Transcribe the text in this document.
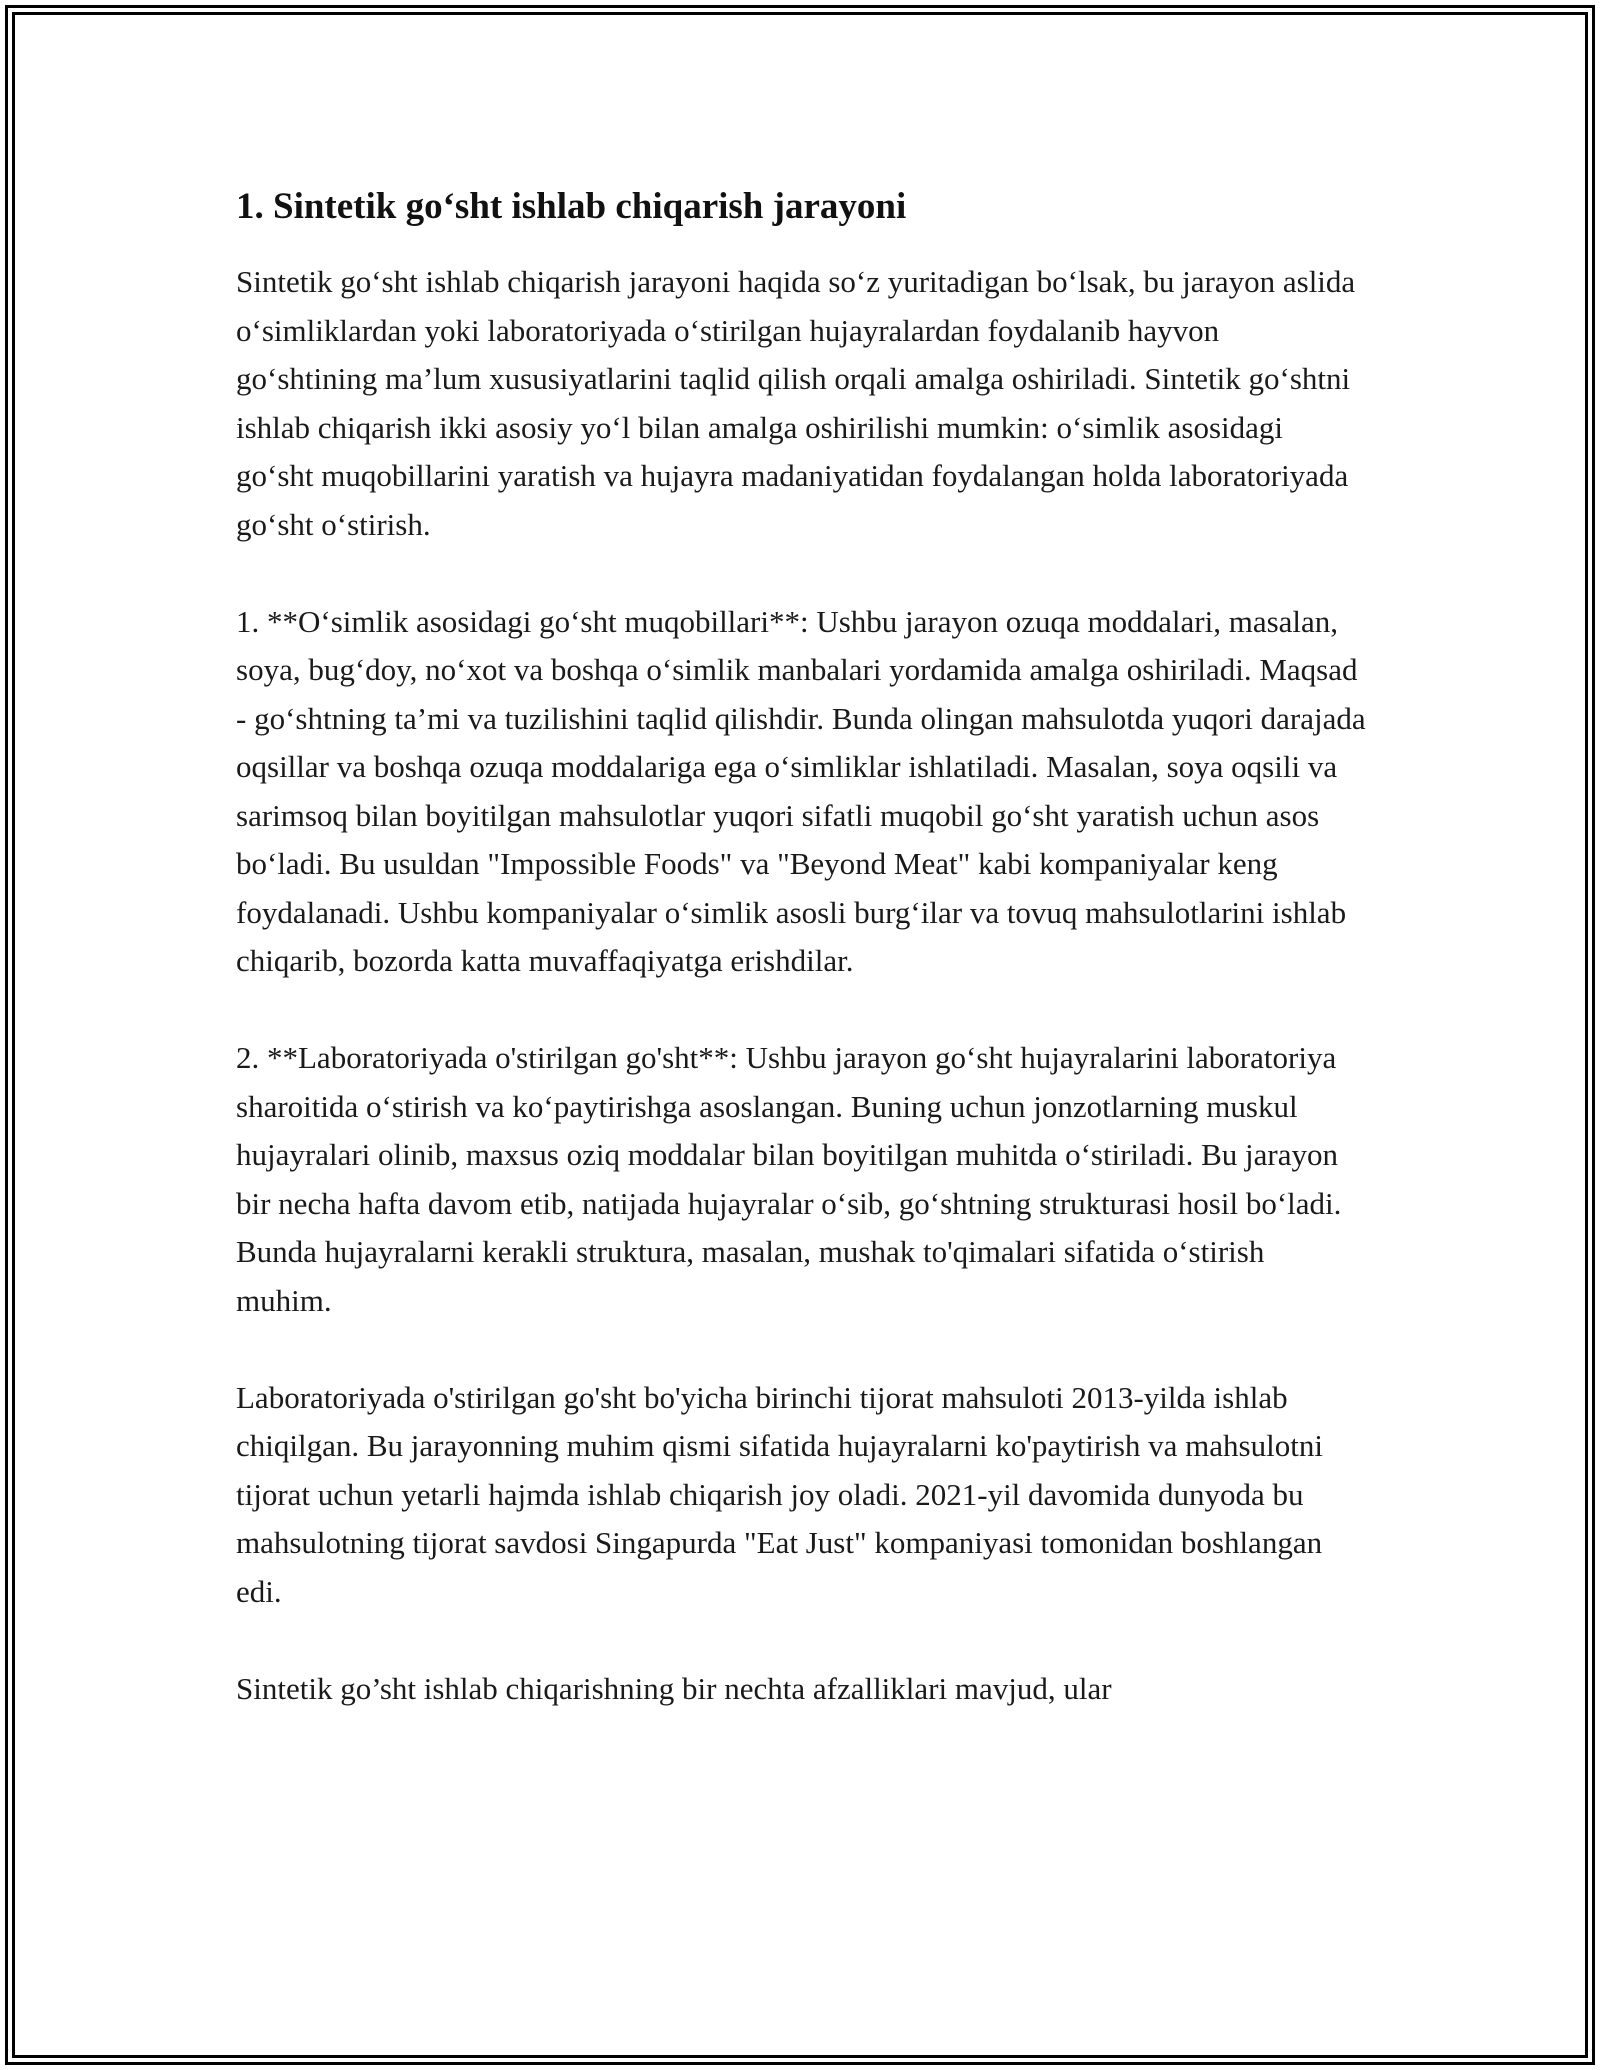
1. Sintetik go‘sht ishlab chiqarish jarayoni

Sintetik go‘sht ishlab chiqarish jarayoni haqida so‘z yuritadigan bo‘lsak, bu jarayon aslida o‘simliklardan yoki laboratoriyada o‘stirilgan hujayralardan foydalanib hayvon go‘shtining ma’lum xususiyatlarini taqlid qilish orqali amalga oshiriladi. Sintetik go‘shtni ishlab chiqarish ikki asosiy yo‘l bilan amalga oshirilishi mumkin: o‘simlik asosidagi go‘sht muqobillarini yaratish va hujayra madaniyatidan foydalangan holda laboratoriyada go‘sht o‘stirish.

1. **O‘simlik asosidagi go‘sht muqobillari**: Ushbu jarayon ozuqa moddalari, masalan, soya, bug‘doy, no‘xot va boshqa o‘simlik manbalari yordamida amalga oshiriladi. Maqsad - go‘shtning ta’mi va tuzilishini taqlid qilishdir. Bunda olingan mahsulotda yuqori darajada oqsillar va boshqa ozuqa moddalariga ega o‘simliklar ishlatiladi. Masalan, soya oqsili va sarimsoq bilan boyitilgan mahsulotlar yuqori sifatli muqobil go‘sht yaratish uchun asos bo‘ladi. Bu usuldan "Impossible Foods" va "Beyond Meat" kabi kompaniyalar keng foydalanadi. Ushbu kompaniyalar o‘simlik asosli burg‘ilar va tovuq mahsulotlarini ishlab chiqarib, bozorda katta muvaffaqiyatga erishdilar.

2. **Laboratoriyada o'stirilgan go'sht**: Ushbu jarayon go‘sht hujayralarini laboratoriya sharoitida o‘stirish va ko‘paytirishga asoslangan. Buning uchun jonzotlarning muskul hujayralari olinib, maxsus oziq moddalar bilan boyitilgan muhitda o‘stiriladi. Bu jarayon bir necha hafta davom etib, natijada hujayralar o‘sib, go‘shtning strukturasi hosil bo‘ladi. Bunda hujayralarni kerakli struktura, masalan, mushak to'qimalari sifatida o‘stirish muhim.

Laboratoriyada o'stirilgan go'sht bo'yicha birinchi tijorat mahsuloti 2013-yilda ishlab chiqilgan. Bu jarayonning muhim qismi sifatida hujayralarni ko'paytirish va mahsulotni tijorat uchun yetarli hajmda ishlab chiqarish joy oladi. 2021-yil davomida dunyoda bu mahsulotning tijorat savdosi Singapurda "Eat Just" kompaniyasi tomonidan boshlangan edi.

Sintetik go’sht ishlab chiqarishning bir nechta afzalliklari mavjud, ular
